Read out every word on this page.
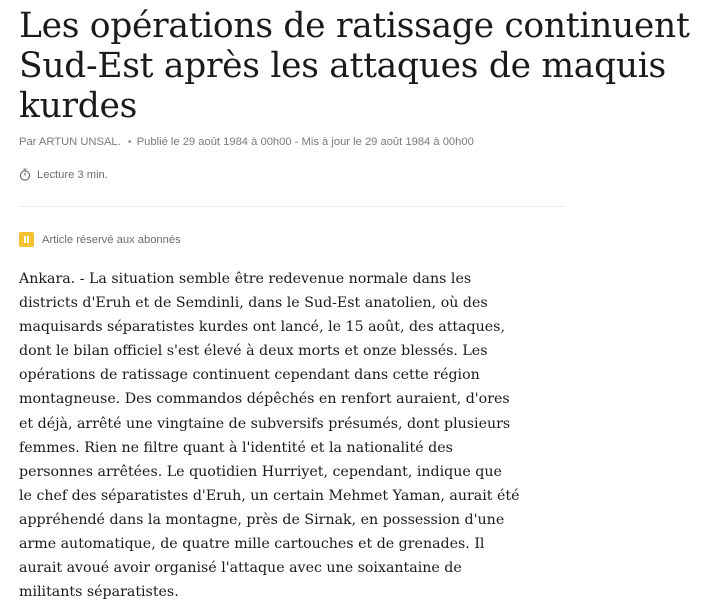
Les opérations de ratissage continuent
Sud-Est après les attaques de maquis
kurdes
Par ARTUN UNSAL. • Publié le 29 août 1984 à 00h00 - Mis à jour le 29 août 1984 à 00h00
Lecture 3 min.
Article réservé aux abonnés

Ankara. - La situation semble être redevenue normale dans les
districts d'Eruh et de Semdinli, dans le Sud-Est anatolien, où des
maquisards séparatistes kurdes ont lancé, le 15 août, des attaques,
dont le bilan officiel s'est élevé à deux morts et onze blessés. Les
opérations de ratissage continuent cependant dans cette région
montagneuse. Des commandos dépêchés en renfort auraient, d'ores
et déjà, arrêté une vingtaine de subversifs présumés, dont plusieurs
femmes. Rien ne filtre quant à l'identité et la nationalité des
personnes arrêtées. Le quotidien Hurriyet, cependant, indique que
le chef des séparatistes d'Eruh, un certain Mehmet Yaman, aurait été
appréhendé dans la montagne, près de Sirnak, en possession d'une
arme automatique, de quatre mille cartouches et de grenades. Il
aurait avoué avoir organisé l'attaque avec une soixantaine de
militants séparatistes.
